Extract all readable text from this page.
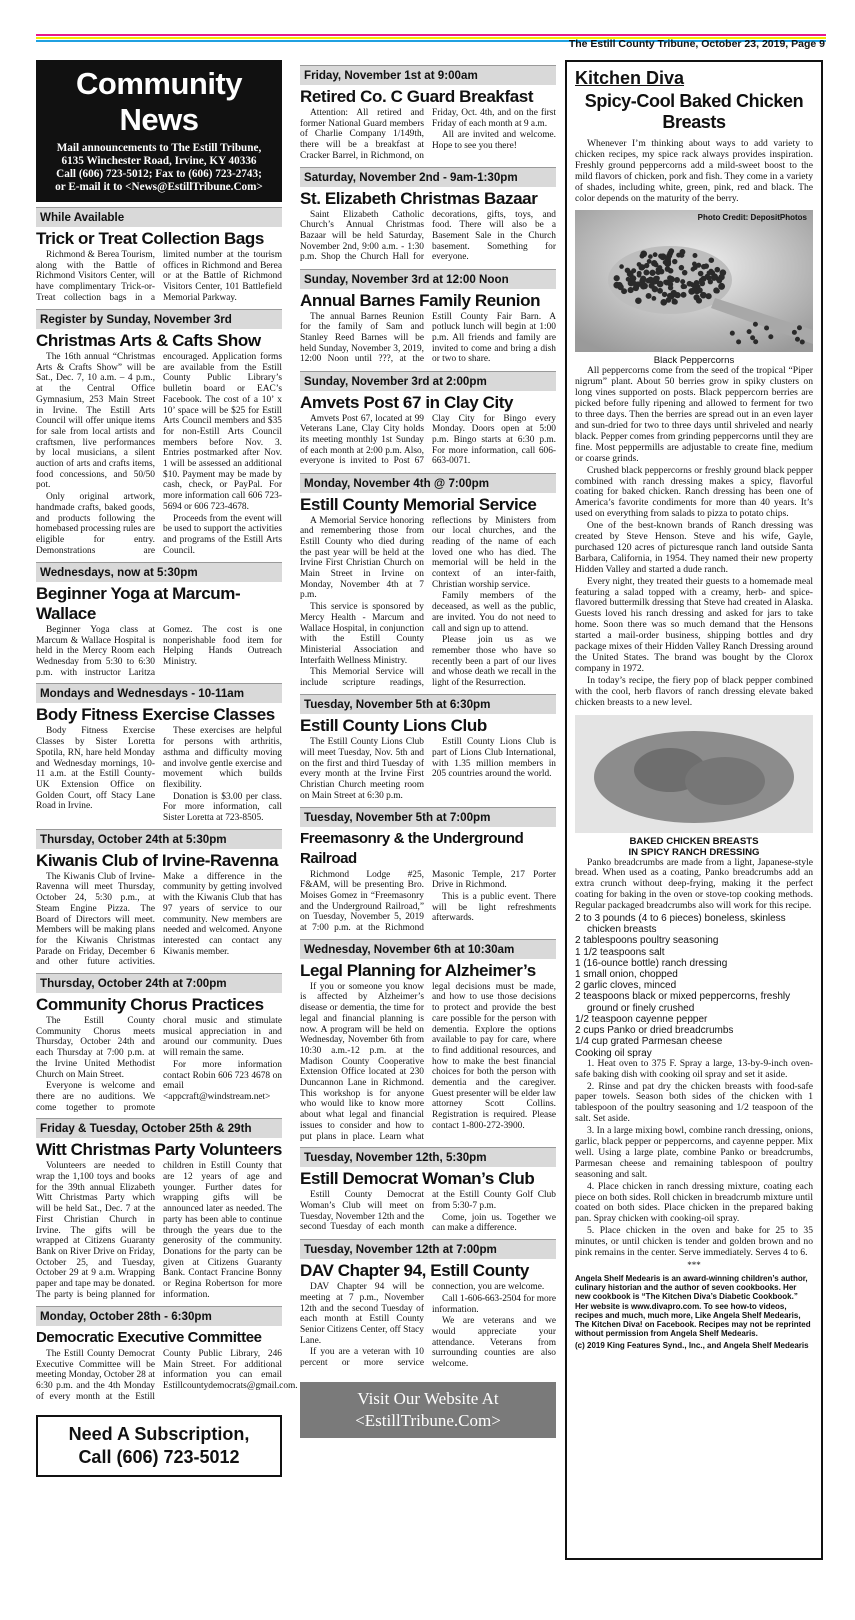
The Estill County Tribune, October 23, 2019, Page 9
Community News

Mail announcements to The Estill Tribune,

6135 Winchester Road, Irvine, KY 40336

Call (606) 723-5012; Fax to (606) 723-2743;

or E-mail it to <News@EstillTribune.Com>

While Available
Trick or Treat Collection Bags

Richmond & Berea Tourism, along with the Battle of Richmond Visitors Center, will have complimentary Trick-or-Treat collection bags in a limited number at the tourism offices in Richmond and Berea or at the Battle of Richmond Visitors Center, 101 Battlefield Memorial Parkway.

Register by Sunday, November 3rd
Christmas Arts & Cafts Show

The 16th annual “Christmas Arts & Crafts Show” will be Sat., Dec. 7, 10 a.m. – 4 p.m., at the Central Office Gymnasium, 253 Main Street in Irvine. The Estill Arts Council will offer unique items for sale from local artists and craftsmen, live performances by local musicians, a silent auction of arts and crafts items, food concessions, and 50/50 pot.

Only original artwork, handmade crafts, baked goods, and products following the homebased processing rules are eligible for entry. Demonstrations are encouraged. Application forms are available from the Estill County Public Library’s bulletin board or EAC’s Facebook. The cost of a 10’ x 10’ space will be $25 for Estill Arts Council members and $35 for non-Estill Arts Council members before Nov. 3. Entries postmarked after Nov. 1 will be assessed an additional $10. Payment may be made by cash, check, or PayPal. For more information call 606 723-5694 or 606 723-4678.

Proceeds from the event will be used to support the activities and programs of the Estill Arts Council.

Wednesdays, now at 5:30pm
Beginner Yoga at Marcum-Wallace

Beginner Yoga class at Marcum & Wallace Hospital is held in the Mercy Room each Wednesday from 5:30 to 6:30 p.m. with instructor Laritza Gomez. The cost is one nonperishable food item for Helping Hands Outreach Ministry.

Mondays and Wednesdays - 10-11am
Body Fitness Exercise Classes

Body Fitness Exercise Classes by Sister Loretta Spotila, RN, hare held Monday and Wednesday mornings, 10-11 a.m. at the Estill County-UK Extension Office on Golden Court, off Stacy Lane Road in Irvine.

These exercises are helpful for persons with arthritis, asthma and difficulty moving and involve gentle exercise and movement which builds flexibility.

Donation is $3.00 per class. For more information, call Sister Loretta at 723-8505.

Thursday, October 24th at 5:30pm
Kiwanis Club of Irvine-Ravenna

The Kiwanis Club of Irvine-Ravenna will meet Thursday, October 24, 5:30 p.m., at Steam Engine Pizza. The Board of Directors will meet. Members will be making plans for the Kiwanis Christmas Parade on Friday, December 6 and other future activities. Make a difference in the community by getting involved with the Kiwanis Club that has 97 years of service to our community. New members are needed and welcomed. Anyone interested can contact any Kiwanis member.

Thursday, October 24th at 7:00pm
Community Chorus Practices

The Estill County Community Chorus meets Thursday, October 24th and each Thursday at 7:00 p.m. at the Irvine United Methodist Church on Main Street.

Everyone is welcome and there are no auditions. We come together to promote choral music and stimulate musical appreciation in and around our community. Dues will remain the same.

For more information contact Robin 606 723 4678 on email <appcraft@windstream.net>

Friday & Tuesday, October 25th & 29th
Witt Christmas Party Volunteers

Volunteers are needed to wrap the 1,100 toys and books for the 39th annual Elizabeth Witt Christmas Party which will be held Sat., Dec. 7 at the First Christian Church in Irvine. The gifts will be wrapped at Citizens Guaranty Bank on River Drive on Friday, October 25, and Tuesday, October 29 at 9 a.m. Wrapping paper and tape may be donated. The party is being planned for children in Estill County that are 12 years of age and younger. Further dates for wrapping gifts will be announced later as needed. The party has been able to continue through the years due to the generosity of the community. Donations for the party can be given at Citizens Guaranty Bank. Contact Francine Bonny or Regina Robertson for more information.

Monday, October 28th - 6:30pm
Democratic Executive Committee

The Estill County Democrat Executive Committee will be meeting Monday, October 28 at 6:30 p.m. and the 4th Monday of every month at the Estill County Public Library, 246 Main Street. For additional information you can email Estillcountydemocrats@gmail.com.

Need A Subscription,
Call (606) 723-5012
Friday, November 1st at 9:00am
Retired Co. C Guard Breakfast

Attention: All retired and former National Guard members of Charlie Company 1/149th, there will be a breakfast at Cracker Barrel, in Richmond, on Friday, Oct. 4th, and on the first Friday of each month at 9 a.m.

All are invited and welcome. Hope to see you there!

Saturday, November 2nd - 9am-1:30pm
St. Elizabeth Christmas Bazaar

Saint Elizabeth Catholic Church’s Annual Christmas Bazaar will be held Saturday, November 2nd, 9:00 a.m. - 1:30 p.m. Shop the Church Hall for decorations, gifts, toys, and food. There will also be a Basement Sale in the Church basement. Something for everyone.

Sunday, November 3rd at 12:00 Noon
Annual Barnes Family Reunion

The annual Barnes Reunion for the family of Sam and Stanley Reed Barnes will be held Sunday, November 3, 2019, 12:00 Noon until ???, at the Estill County Fair Barn. A potluck lunch will begin at 1:00 p.m. All friends and family are invited to come and bring a dish or two to share.

Sunday, November 3rd at 2:00pm
Amvets Post 67 in Clay City

Amvets Post 67, located at 99 Veterans Lane, Clay City holds its meeting monthly 1st Sunday of each month at 2:00 p.m. Also, everyone is invited to Post 67 Clay City for Bingo every Monday. Doors open at 5:00 p.m. Bingo starts at 6:30 p.m. For more information, call 606-663-0071.

Monday, November 4th @ 7:00pm
Estill County Memorial Service

A Memorial Service honoring and remembering those from Estill County who died during the past year will be held at the Irvine First Christian Church on Main Street in Irvine on Monday, November 4th at 7 p.m.

This service is sponsored by Mercy Health - Marcum and Wallace Hospital, in conjunction with the Estill County Ministerial Association and Interfaith Wellness Ministry.

This Memorial Service will include scripture readings, reflections by Ministers from our local churches, and the reading of the name of each loved one who has died. The memorial will be held in the context of an inter-faith, Christian worship service.

Family members of the deceased, as well as the public, are invited. You do not need to call and sign up to attend.

Please join us as we remember those who have so recently been a part of our lives and whose death we recall in the light of the Resurrection.

Tuesday, November 5th at 6:30pm
Estill County Lions Club

The Estill County Lions Club will meet Tuesday, Nov. 5th and on the first and third Tuesday of every month at the Irvine First Christian Church meeting room on Main Street at 6:30 p.m.

Estill County Lions Club is part of Lions Club International, with 1.35 million members in 205 countries around the world.

Tuesday, November 5th at 7:00pm
Freemasonry & the Underground Railroad

Richmond Lodge #25, F&AM, will be presenting Bro. Moises Gomez in “Freemasonry and the Underground Railroad,” on Tuesday, November 5, 2019 at 7:00 p.m. at the Richmond Masonic Temple, 217 Porter Drive in Richmond.

This is a public event. There will be light refreshments afterwards.

Wednesday, November 6th at 10:30am
Legal Planning for Alzheimer’s

If you or someone you know is affected by Alzheimer’s disease or dementia, the time for legal and financial planning is now. A program will be held on Wednesday, November 6th from 10:30 a.m.-12 p.m. at the Madison County Cooperative Extension Office located at 230 Duncannon Lane in Richmond. This workshop is for anyone who would like to know more about what legal and financial issues to consider and how to put plans in place. Learn what legal decisions must be made, and how to use those decisions to protect and provide the best care possible for the person with dementia. Explore the options available to pay for care, where to find additional resources, and how to make the best financial choices for both the person with dementia and the caregiver. Guest presenter will be elder law attorney Scott Collins. Registration is required. Please contact 1-800-272-3900.

Tuesday, November 12th, 5:30pm
Estill Democrat Woman’s Club

Estill County Democrat Woman’s Club will meet on Tuesday, November 12th and the second Tuesday of each month at the Estill County Golf Club from 5:30-7 p.m.

Come, join us. Together we can make a difference.

Tuesday, November 12th at 7:00pm
DAV Chapter 94, Estill County

DAV Chapter 94 will be meeting at 7 p.m., November 12th and the second Tuesday of each month at Estill County Senior Citizens Center, off Stacy Lane.

If you are a veteran with 10 percent or more service connection, you are welcome.

Call 1-606-663-2504 for more information.

We are veterans and we would appreciate your attendance. Veterans from surrounding counties are also welcome.

Visit Our Website At
<EstillTribune.Com>
Kitchen Diva
Spicy-Cool Baked Chicken Breasts

Whenever I’m thinking about ways to add variety to chicken recipes, my spice rack always provides inspiration. Freshly ground peppercorns add a mild-sweet boost to the mild flavors of chicken, pork and fish. They come in a variety of shades, including white, green, pink, red and black. The color depends on the maturity of the berry.

Photo Credit: DepositPhotos
Black Peppercorns

All peppercorns come from the seed of the tropical “Piper nigrum” plant. About 50 berries grow in spiky clusters on long vines supported on posts. Black peppercorn berries are picked before fully ripening and allowed to ferment for two to three days. Then the berries are spread out in an even layer and sun-dried for two to three days until shriveled and nearly black. Pepper comes from grinding peppercorns until they are fine. Most peppermills are adjustable to create fine, medium or coarse grinds.

Crushed black peppercorns or freshly ground black pepper combined with ranch dressing makes a spicy, flavorful coating for baked chicken. Ranch dressing has been one of America’s favorite condiments for more than 40 years. It’s used on everything from salads to pizza to potato chips.

One of the best-known brands of Ranch dressing was created by Steve Henson. Steve and his wife, Gayle, purchased 120 acres of picturesque ranch land outside Santa Barbara, California, in 1954. They named their new property Hidden Valley and started a dude ranch.

Every night, they treated their guests to a homemade meal featuring a salad topped with a creamy, herb- and spice-flavored buttermilk dressing that Steve had created in Alaska. Guests loved his ranch dressing and asked for jars to take home. Soon there was so much demand that the Hensons started a mail-order business, shipping bottles and dry package mixes of their Hidden Valley Ranch Dressing around the United States. The brand was bought by the Clorox company in 1972.

In today’s recipe, the fiery pop of black pepper combined with the cool, herb flavors of ranch dressing elevate baked chicken breasts to a new level.

BAKED CHICKEN BREASTS
IN SPICY RANCH DRESSING

Panko breadcrumbs are made from a light, Japanese-style bread. When used as a coating, Panko breadcrumbs add an extra crunch without deep-frying, making it the perfect coating for baking in the oven or stove-top cooking methods. Regular packaged breadcrumbs also will work for this recipe.

2 to 3 pounds (4 to 6 pieces) boneless, skinless chicken breasts
2 tablespoons poultry seasoning
1 1/2 teaspoons salt
1 (16-ounce bottle) ranch dressing
1 small onion, chopped
2 garlic cloves, minced
2 teaspoons black or mixed peppercorns, freshly ground or finely crushed
1/2 teaspoon cayenne pepper
2 cups Panko or dried breadcrumbs
1/4 cup grated Parmesan cheese
Cooking oil spray

1. Heat oven to 375 F. Spray a large, 13-by-9-inch oven-safe baking dish with cooking oil spray and set it aside.

2. Rinse and pat dry the chicken breasts with food-safe paper towels. Season both sides of the chicken with 1 tablespoon of the poultry seasoning and 1/2 teaspoon of the salt. Set aside.

3. In a large mixing bowl, combine ranch dressing, onions, garlic, black pepper or peppercorns, and cayenne pepper. Mix well. Using a large plate, combine Panko or breadcrumbs, Parmesan cheese and remaining tablespoon of poultry seasoning and salt.

4. Place chicken in ranch dressing mixture, coating each piece on both sides. Roll chicken in breadcrumb mixture until coated on both sides. Place chicken in the prepared baking pan. Spray chicken with cooking-oil spray.

5. Place chicken in the oven and bake for 25 to 35 minutes, or until chicken is tender and golden brown and no pink remains in the center. Serve immediately. Serves 4 to 6.

***
Angela Shelf Medearis is an award-winning children’s author, culinary historian and the author of seven cookbooks. Her new cookbook is “The Kitchen Diva’s Diabetic Cookbook.” Her website is www.divapro.com. To see how-to videos, recipes and much, much more, Like Angela Shelf Medearis, The Kitchen Diva! on Facebook. Recipes may not be reprinted without permission from Angela Shelf Medearis.
(c) 2019 King Features Synd., Inc., and Angela Shelf Medearis
